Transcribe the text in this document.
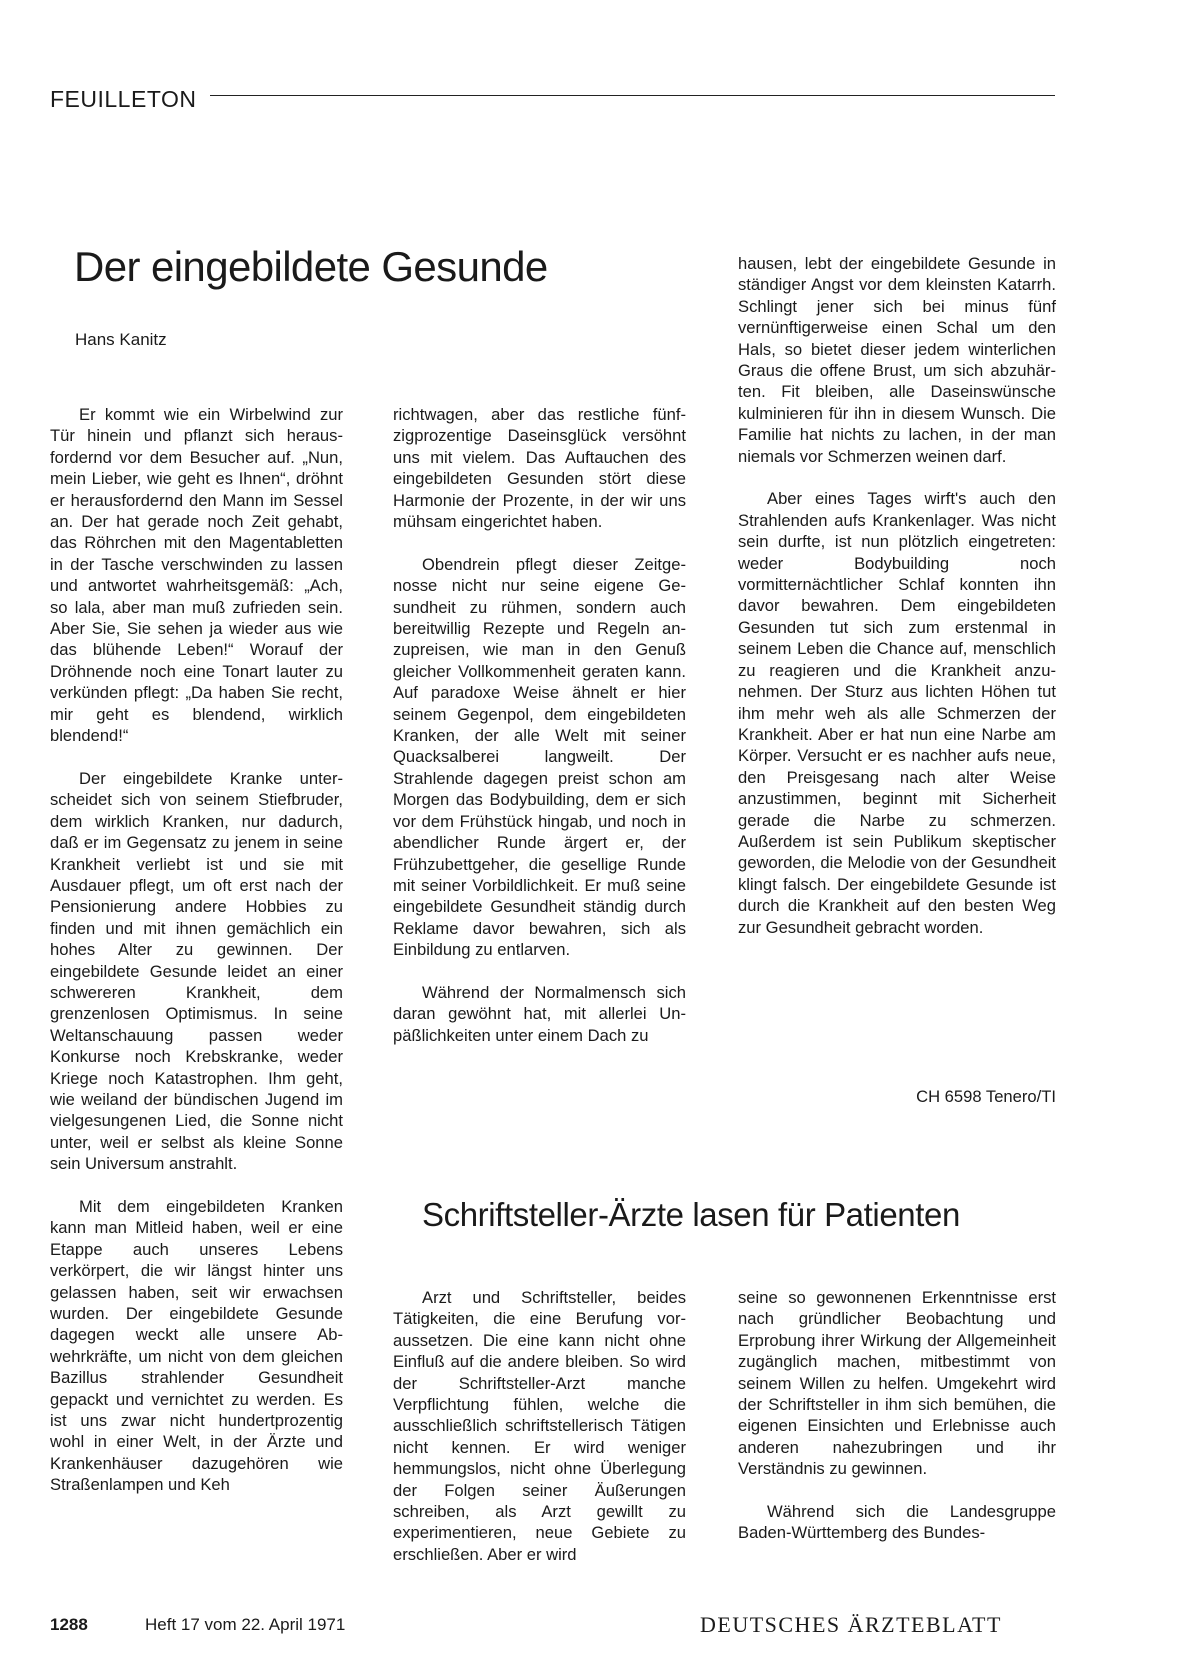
FEUILLETON
Der eingebildete Gesunde
Hans Kanitz

Er kommt wie ein Wirbelwind zur Tür hinein und pflanzt sich herausfordernd vor dem Besucher auf. „Nun, mein Lieber, wie geht es Ihnen“, dröhnt er herausfordernd den Mann im Sessel an. Der hat gerade noch Zeit gehabt, das Röhrchen mit den Magentabletten in der Tasche verschwinden zu lassen und antwortet wahrheitsgemäß: „Ach, so lala, aber man muß zufrieden sein. Aber Sie, Sie sehen ja wieder aus wie das blühende Leben!“ Worauf der Dröhnende noch eine Tonart lauter zu verkünden pflegt: „Da haben Sie recht, mir geht es blendend, wirklich blendend!“

Der eingebildete Kranke unterscheidet sich von seinem Stiefbruder, dem wirklich Kranken, nur dadurch, daß er im Gegensatz zu jenem in seine Krankheit verliebt ist und sie mit Ausdauer pflegt, um oft erst nach der Pensionierung andere Hobbies zu finden und mit ihnen gemächlich ein hohes Alter zu gewinnen. Der eingebildete Gesunde leidet an einer schwereren Krankheit, dem grenzenlosen Optimismus. In seine Weltanschauung passen weder Konkurse noch Krebskranke, weder Kriege noch Katastrophen. Ihm geht, wie weiland der bündischen Jugend im vielgesungenen Lied, die Sonne nicht unter, weil er selbst als kleine Sonne sein Universum anstrahlt.

Mit dem eingebildeten Kranken kann man Mitleid haben, weil er eine Etappe auch unseres Lebens verkörpert, die wir längst hinter uns gelassen haben, seit wir erwachsen wurden. Der eingebildete Gesunde dagegen weckt alle unsere Abwehrkräfte, um nicht von dem gleichen Bazillus strahlender Gesundheit gepackt und vernichtet zu werden. Es ist uns zwar nicht hundertprozentig wohl in einer Welt, in der Ärzte und Krankenhäuser dazugehören wie Straßenlampen und Keh

richtwagen, aber das restliche fünfzigprozentige Daseinsglück versöhnt uns mit vielem. Das Auftauchen des eingebildeten Gesunden stört diese Harmonie der Prozente, in der wir uns mühsam eingerichtet haben.

Obendrein pflegt dieser Zeitgenosse nicht nur seine eigene Gesundheit zu rühmen, sondern auch bereitwillig Rezepte und Regeln anzupreisen, wie man in den Genuß gleicher Vollkommenheit geraten kann. Auf paradoxe Weise ähnelt er hier seinem Gegenpol, dem eingebildeten Kranken, der alle Welt mit seiner Quacksalberei langweilt. Der Strahlende dagegen preist schon am Morgen das Bodybuilding, dem er sich vor dem Frühstück hingab, und noch in abendlicher Runde ärgert er, der Frühzubettgeher, die gesellige Runde mit seiner Vorbildlichkeit. Er muß seine eingebildete Gesundheit ständig durch Reklame davor bewahren, sich als Einbildung zu entlarven.

Während der Normalmensch sich daran gewöhnt hat, mit allerlei Unpäßlichkeiten unter einem Dach zu

hausen, lebt der eingebildete Gesunde in ständiger Angst vor dem kleinsten Katarrh. Schlingt jener sich bei minus fünf vernünftigerweise einen Schal um den Hals, so bietet dieser jedem winterlichen Graus die offene Brust, um sich abzuhärten. Fit bleiben, alle Daseinswünsche kulminieren für ihn in diesem Wunsch. Die Familie hat nichts zu lachen, in der man niemals vor Schmerzen weinen darf.

Aber eines Tages wirft's auch den Strahlenden aufs Krankenlager. Was nicht sein durfte, ist nun plötzlich eingetreten: weder Bodybuilding noch vormitternächtlicher Schlaf konnten ihn davor bewahren. Dem eingebildeten Gesunden tut sich zum erstenmal in seinem Leben die Chance auf, menschlich zu reagieren und die Krankheit anzunehmen. Der Sturz aus lichten Höhen tut ihm mehr weh als alle Schmerzen der Krankheit. Aber er hat nun eine Narbe am Körper. Versucht er es nachher aufs neue, den Preisgesang nach alter Weise anzustimmen, beginnt mit Sicherheit gerade die Narbe zu schmerzen. Außerdem ist sein Publikum skeptischer geworden, die Melodie von der Gesundheit klingt falsch. Der eingebildete Gesunde ist durch die Krankheit auf den besten Weg zur Gesundheit gebracht worden.

CH 6598 Tenero/TI
Schriftsteller-Ärzte lasen für Patienten

Arzt und Schriftsteller, beides Tätigkeiten, die eine Berufung voraussetzen. Die eine kann nicht ohne Einfluß auf die andere bleiben. So wird der Schriftsteller-Arzt manche Verpflichtung fühlen, welche die ausschließlich schriftstellerisch Tätigen nicht kennen. Er wird weniger hemmungslos, nicht ohne Überlegung der Folgen seiner Äußerungen schreiben, als Arzt gewillt zu experimentieren, neue Gebiete zu erschließen. Aber er wird

seine so gewonnenen Erkenntnisse erst nach gründlicher Beobachtung und Erprobung ihrer Wirkung der Allgemeinheit zugänglich machen, mitbestimmt von seinem Willen zu helfen. Umgekehrt wird der Schriftsteller in ihm sich bemühen, die eigenen Einsichten und Erlebnisse auch anderen nahezubringen und ihr Verständnis zu gewinnen.

Während sich die Landesgruppe Baden-Württemberg des Bundes-

1288	Heft 17 vom 22. April 1971	DEUTSCHES ÄRZTEBLATT
